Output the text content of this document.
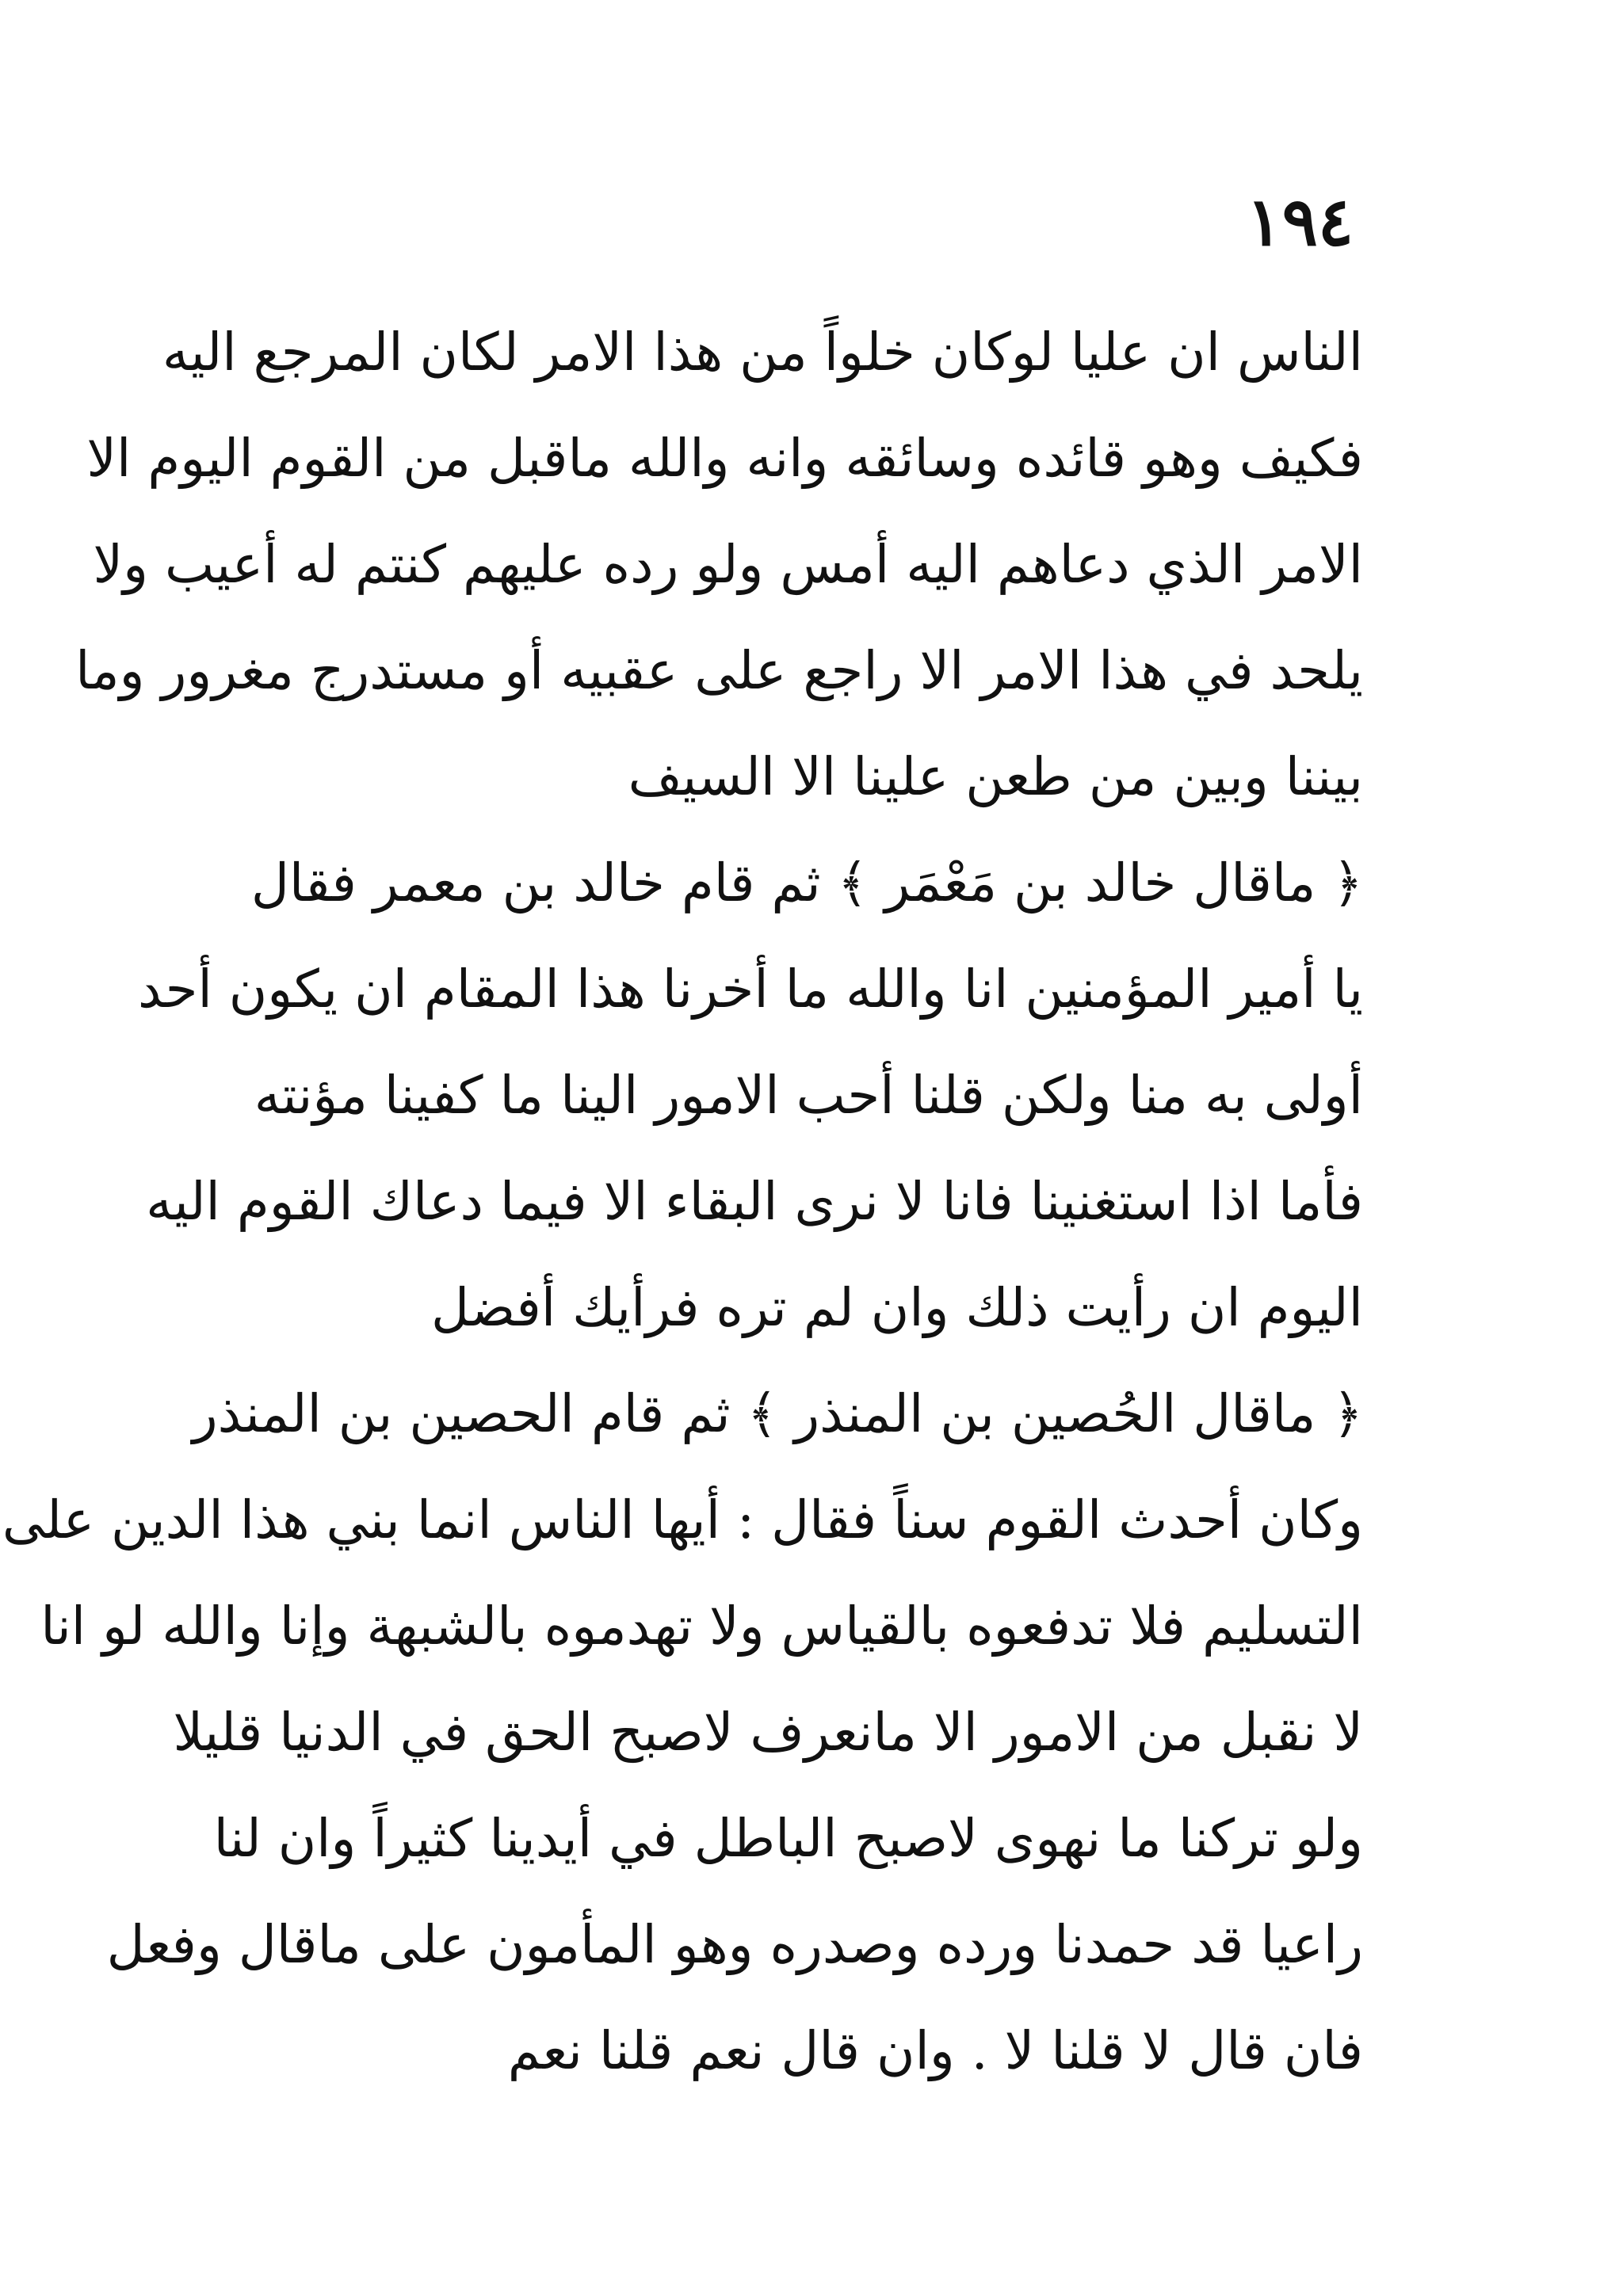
١٩٤
الناس ان عليا لوكان خلواً من هذا الامر لكان المرجع اليه
فكيف وهو قائده وسائقه وانه والله ماقبل من القوم اليوم الا
الامر الذي دعاهم اليه أمس ولو رده عليهم كنتم له أعيب ولا
يلحد في هذا الامر الا راجع على عقبيه أو مستدرج مغرور وما
بيننا وبين من طعن علينا الا السيف
﴿ ماقال خالد بن مَعْمَر ﴾ ثم قام خالد بن معمر فقال
يا أمير المؤمنين انا والله ما أخرنا هذا المقام ان يكون أحد
أولى به منا ولكن قلنا أحب الامور الينا ما كفينا مؤنته
فأما اذا استغنينا فانا لا نرى البقاء الا فيما دعاك القوم اليه
اليوم ان رأيت ذلك وان لم تره فرأيك أفضل
﴿ ماقال الحُصين بن المنذر ﴾ ثم قام الحصين بن المنذر
وكان أحدث القوم سناً فقال : أيها الناس انما بني هذا الدين على
التسليم فلا تدفعوه بالقياس ولا تهدموه بالشبهة وإنا والله لو انا
لا نقبل من الامور الا مانعرف لاصبح الحق في الدنيا قليلا
ولو تركنا ما نهوى لاصبح الباطل في أيدينا كثيراً وان لنا
راعيا قد حمدنا ورده وصدره وهو المأمون على ماقال وفعل
فان قال لا قلنا لا . وان قال نعم قلنا نعم
